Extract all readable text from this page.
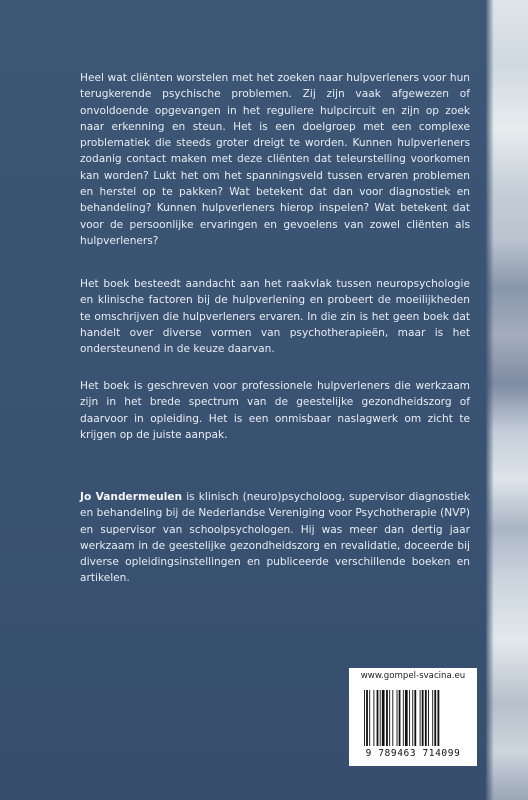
Heel wat cliënten worstelen met het zoeken naar hulpverleners voor hun terugkerende psychische problemen. Zij zijn vaak afgewezen of onvoldoende opgevangen in het reguliere hulpcircuit en zijn op zoek naar erkenning en steun. Het is een doelgroep met een complexe problematiek die steeds groter dreigt te worden. Kunnen hulpverleners zodanig contact maken met deze cliënten dat teleurstelling voorkomen kan worden? Lukt het om het spanningsveld tussen ervaren problemen en herstel op te pakken? Wat betekent dat dan voor diagnostiek en behandeling? Kunnen hulpverleners hierop inspelen? Wat betekent dat voor de persoonlijke ervaringen en gevoelens van zowel cliënten als hulpverleners?

Het boek besteedt aandacht aan het raakvlak tussen neuropsychologie en klinische factoren bij de hulpverlening en probeert de moeilijkheden te omschrijven die hulpverleners ervaren. In die zin is het geen boek dat handelt over diverse vormen van psychotherapieën, maar is het ondersteunend in de keuze daarvan.

Het boek is geschreven voor professionele hulpverleners die werkzaam zijn in het brede spectrum van de geestelijke gezondheidszorg of daarvoor in opleiding. Het is een onmisbaar naslagwerk om zicht te krijgen op de juiste aanpak.

Jo Vandermeulen is klinisch (neuro)psycholoog, supervisor diagnostiek en behandeling bij de Nederlandse Vereniging voor Psychotherapie (NVP) en supervisor van schoolpsychologen. Hij was meer dan dertig jaar werkzaam in de geestelijke gezondheidszorg en revalidatie, doceerde bij diverse opleidingsinstellingen en publiceerde verschillende boeken en artikelen.

www.gompel-svacina.eu

9 789463 714099
